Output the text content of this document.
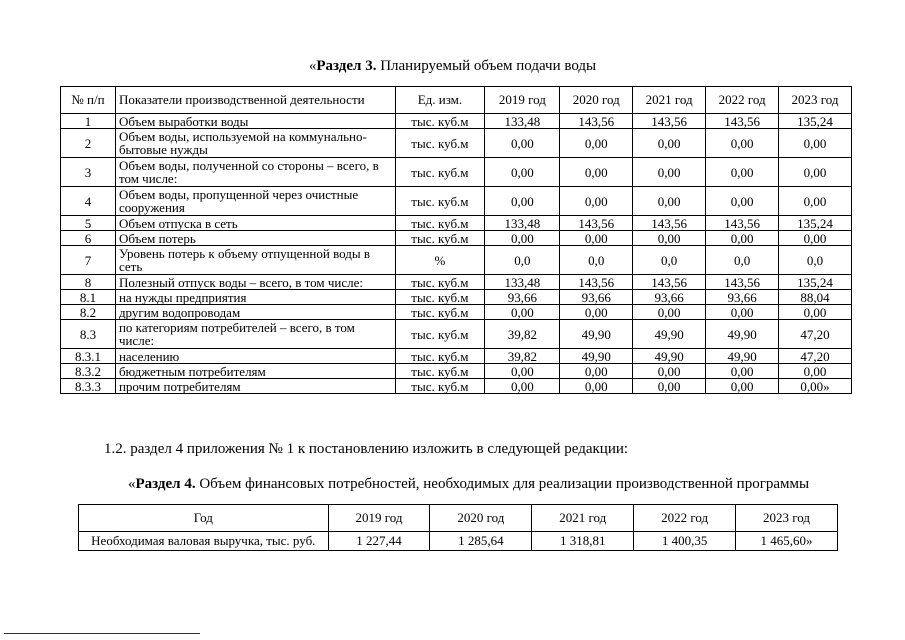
«Раздел 3. Планируемый объем подачи воды
№ п/п	Показатели производственной деятельности	Ед. изм.	2019 год	2020 год	2021 год	2022 год	2023 год
1	Объем выработки воды	тыс. куб.м	133,48	143,56	143,56	143,56	135,24
2	Объем воды, используемой на коммунально-бытовые нужды	тыс. куб.м	0,00	0,00	0,00	0,00	0,00
3	Объем воды, полученной со стороны – всего, в том числе:	тыс. куб.м	0,00	0,00	0,00	0,00	0,00
4	Объем воды, пропущенной через очистные сооружения	тыс. куб.м	0,00	0,00	0,00	0,00	0,00
5	Объем отпуска в сеть	тыс. куб.м	133,48	143,56	143,56	143,56	135,24
6	Объем потерь	тыс. куб.м	0,00	0,00	0,00	0,00	0,00
7	Уровень потерь к объему отпущенной воды в сеть	%	0,0	0,0	0,0	0,0	0,0
8	Полезный отпуск воды – всего, в том числе:	тыс. куб.м	133,48	143,56	143,56	143,56	135,24
8.1	на нужды предприятия	тыс. куб.м	93,66	93,66	93,66	93,66	88,04
8.2	другим водопроводам	тыс. куб.м	0,00	0,00	0,00	0,00	0,00
8.3	по категориям потребителей – всего, в том числе:	тыс. куб.м	39,82	49,90	49,90	49,90	47,20
8.3.1	населению	тыс. куб.м	39,82	49,90	49,90	49,90	47,20
8.3.2	бюджетным потребителям	тыс. куб.м	0,00	0,00	0,00	0,00	0,00
8.3.3	прочим потребителям	тыс. куб.м	0,00	0,00	0,00	0,00	0,00»
1.2. раздел 4 приложения № 1 к постановлению изложить в следующей редакции:
«Раздел 4. Объем финансовых потребностей, необходимых для реализации производственной программы
Год	2019 год	2020 год	2021 год	2022 год	2023 год
Необходимая валовая выручка, тыс. руб.	1 227,44	1 285,64	1 318,81	1 400,35	1 465,60»
